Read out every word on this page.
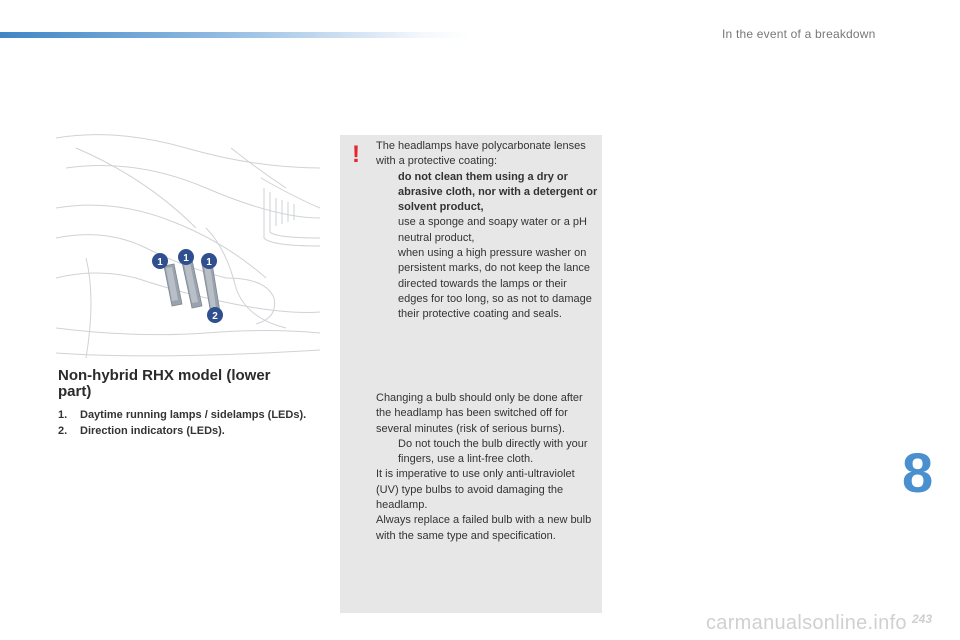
In the event of a breakdown
1 1 1
2
Non-hybrid RHX model (lower
part)
1. Daytime running lamps / sidelamps (LEDs).
2. Direction indicators (LEDs).
! The headlamps have polycarbonate lenses with a protective coating:
do not clean them using a dry or abrasive cloth, nor with a detergent or solvent product,
use a sponge and soapy water or a pH neutral product,
when using a high pressure washer on persistent marks, do not keep the lance directed towards the lamps or their edges for too long, so as not to damage their protective coating and seals.
Changing a bulb should only be done after the headlamp has been switched off for several minutes (risk of serious burns).
Do not touch the bulb directly with your fingers, use a lint-free cloth.
It is imperative to use only anti-ultraviolet (UV) type bulbs to avoid damaging the headlamp.
Always replace a failed bulb with a new bulb with the same type and specification.
8
carmanualsonline.info 243
